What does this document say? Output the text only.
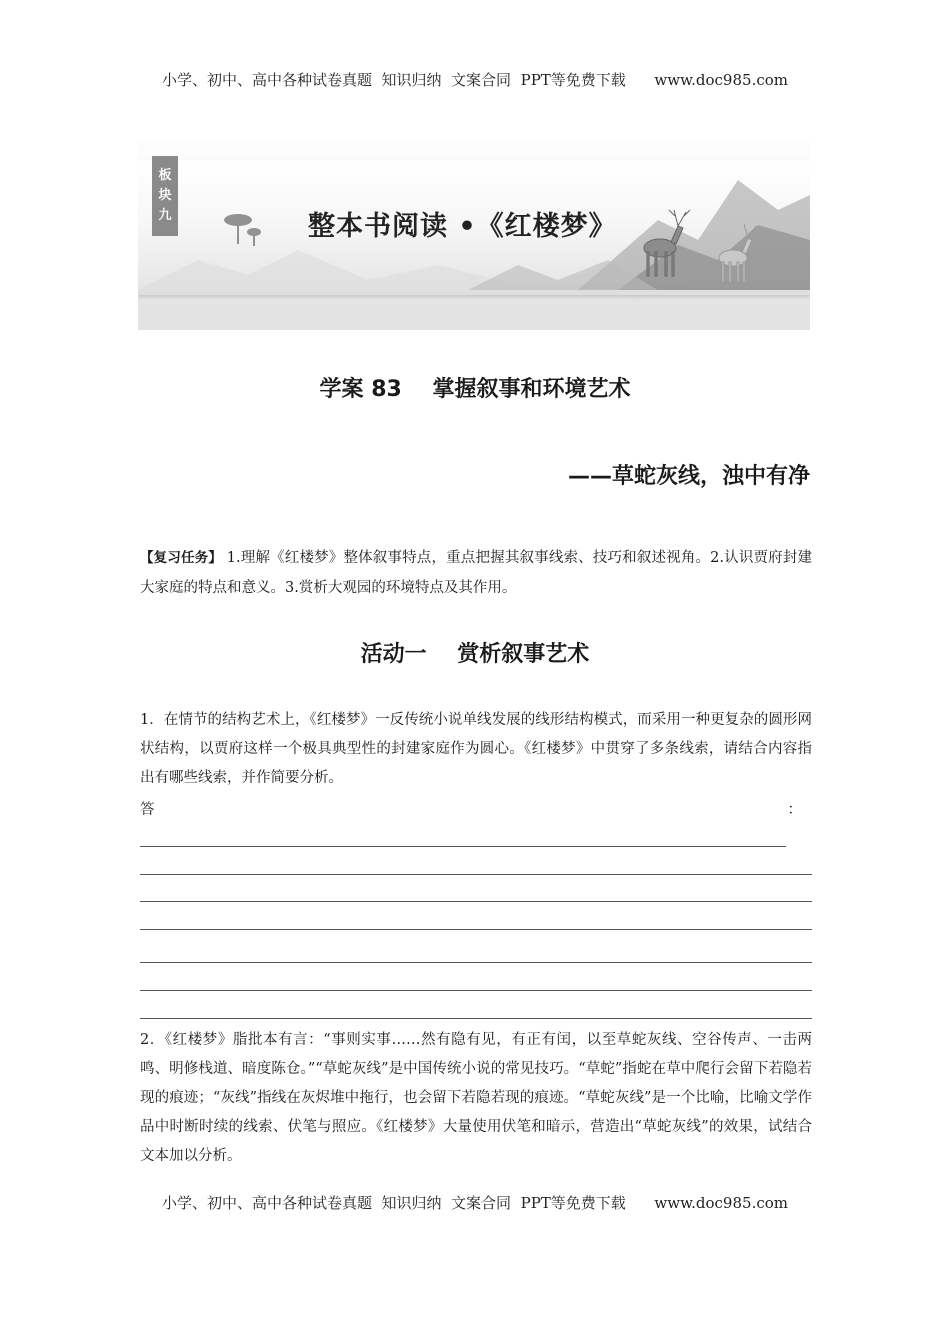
小学、初中、高中各种试卷真题  知识归纳  文案合同  PPT等免费下载      www.doc985.com
板
块
九	整本书阅读 •《红楼梦》
学案 83    掌握叙事和环境艺术
——草蛇灰线，浊中有净
【复习任务】 1.理解《红楼梦》整体叙事特点，重点把握其叙事线索、技巧和叙述视角。2.认识贾府封建大家庭的特点和意义。3.赏析大观园的环境特点及其作用。
活动一    赏析叙事艺术
1．在情节的结构艺术上，《红楼梦》一反传统小说单线发展的线形结构模式，而采用一种更复杂的圆形网状结构，以贾府这样一个极具典型性的封建家庭作为圆心。《红楼梦》中贯穿了多条线索，请结合内容指出有哪些线索，并作简要分析。
答	：
2．《红楼梦》脂批本有言：“事则实事……然有隐有见，有正有闰，以至草蛇灰线、空谷传声、一击两鸣、明修栈道、暗度陈仓。”“草蛇灰线”是中国传统小说的常见技巧。“草蛇”指蛇在草中爬行会留下若隐若现的痕迹；“灰线”指线在灰烬堆中拖行，也会留下若隐若现的痕迹。“草蛇灰线”是一个比喻，比喻文学作品中时断时续的线索、伏笔与照应。《红楼梦》大量使用伏笔和暗示，营造出“草蛇灰线”的效果，试结合文本加以分析。
小学、初中、高中各种试卷真题  知识归纳  文案合同  PPT等免费下载      www.doc985.com
